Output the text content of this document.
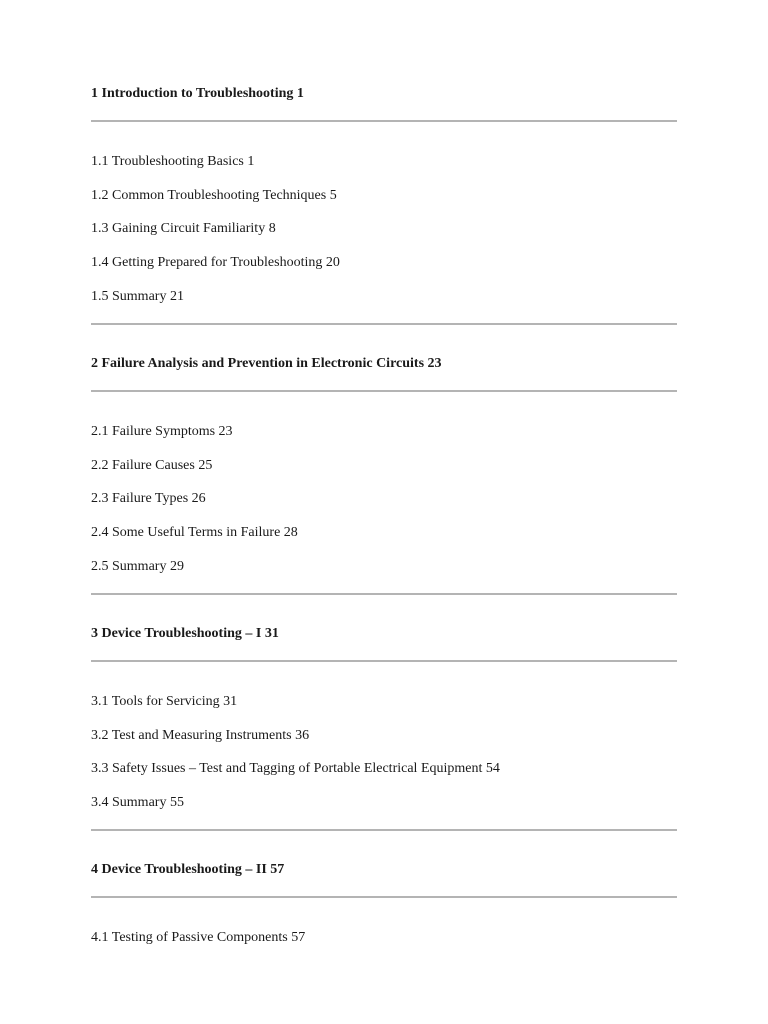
1 Introduction to Troubleshooting 1
1.1 Troubleshooting Basics 1
1.2 Common Troubleshooting Techniques 5
1.3 Gaining Circuit Familiarity 8
1.4 Getting Prepared for Troubleshooting 20
1.5 Summary 21
2 Failure Analysis and Prevention in Electronic Circuits 23
2.1 Failure Symptoms 23
2.2 Failure Causes 25
2.3 Failure Types 26
2.4 Some Useful Terms in Failure 28
2.5 Summary 29
3 Device Troubleshooting – I 31
3.1 Tools for Servicing 31
3.2 Test and Measuring Instruments 36
3.3 Safety Issues – Test and Tagging of Portable Electrical Equipment 54
3.4 Summary 55
4 Device Troubleshooting – II 57
4.1 Testing of Passive Components 57
